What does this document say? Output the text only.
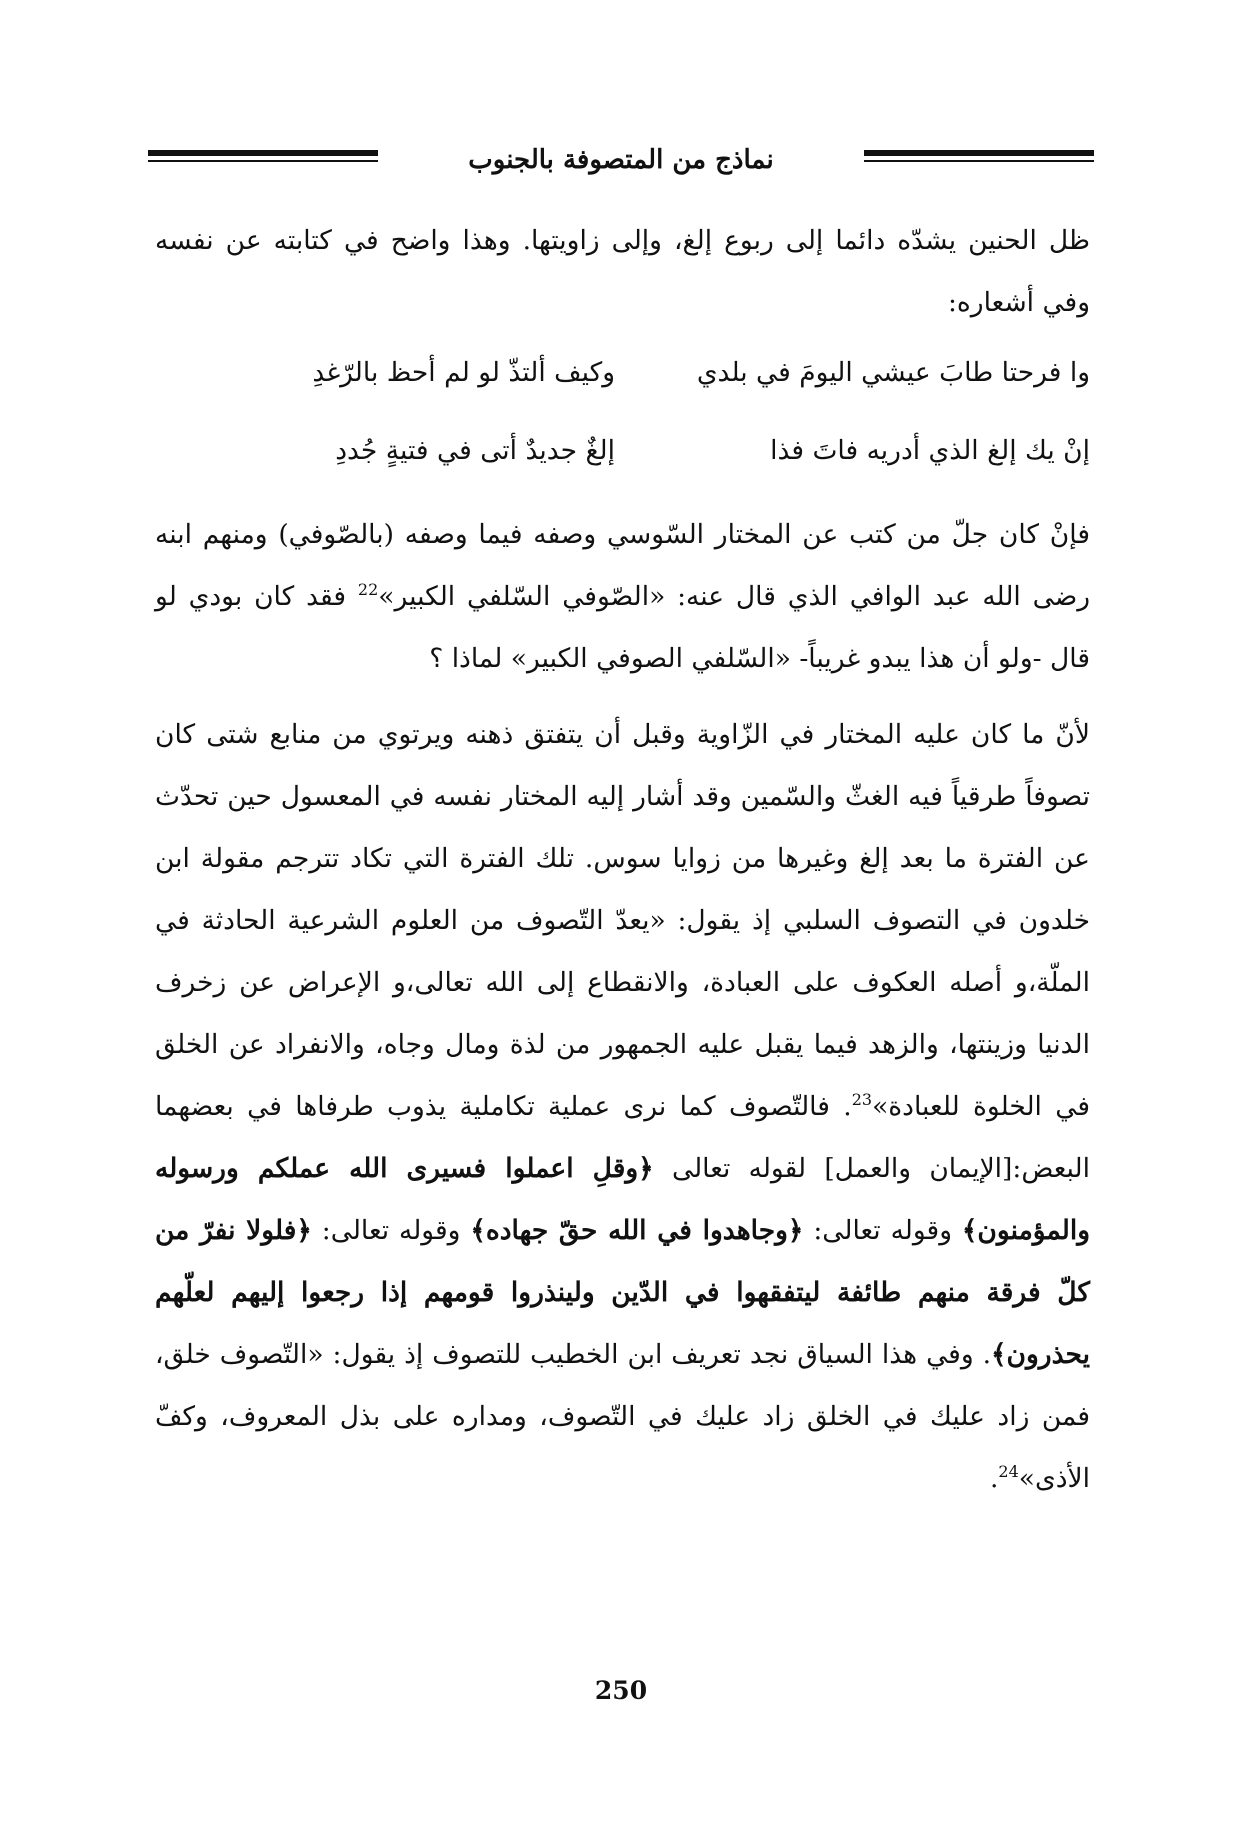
نماذج من المتصوفة بالجنوب

ظل الحنين يشدّه دائما إلى ربوع إلغ، وإلى زاويتها. وهذا واضح في كتابته عن نفسه وفي أشعاره:

وا فرحتا طابَ عيشي اليومَ في بلدي
وكيف ألتذّ لو لم أحظ بالرّغدِ
إنْ يك إلغ الذي أدريه فاتَ فذا
إلغٌ جديدٌ أتى في فتيةٍ جُددِ

فإنْ كان جلّ من كتب عن المختار السّوسي وصفه فيما وصفه (بالصّوفي) ومنهم ابنه رضى الله عبد الوافي الذي قال عنه: «الصّوفي السّلفي الكبير»$^{22}$ فقد كان بودي لو قال -ولو أن هذا يبدو غريباً- «السّلفي الصوفي الكبير» لماذا ؟

لأنّ ما كان عليه المختار في الزّاوية وقبل أن يتفتق ذهنه ويرتوي من منابع شتى كان تصوفاً طرقياً فيه الغثّ والسّمين وقد أشار إليه المختار نفسه في المعسول حين تحدّث عن الفترة ما بعد إلغ وغيرها من زوايا سوس. تلك الفترة التي تكاد تترجم مقولة ابن خلدون في التصوف السلبي إذ يقول: «يعدّ التّصوف من العلوم الشرعية الحادثة في الملّة،و أصله العكوف على العبادة، والانقطاع إلى الله تعالى،و الإعراض عن زخرف الدنيا وزينتها، والزهد فيما يقبل عليه الجمهور من لذة ومال وجاه، والانفراد عن الخلق في الخلوة للعبادة»$^{23}$. فالتّصوف كما نرى عملية تكاملية يذوب طرفاها في بعضهما البعض:[الإيمان والعمل] لقوله تعالى ﴿وقلِ اعملوا فسيرى الله عملكم ورسوله والمؤمنون﴾ وقوله تعالى: ﴿وجاهدوا في الله حقّ جهاده﴾ وقوله تعالى: ﴿فلولا نفرّ من كلّ فرقة منهم طائفة ليتفقهوا في الدّين ولينذروا قومهم إذا رجعوا إليهم لعلّهم يحذرون﴾. وفي هذا السياق نجد تعريف ابن الخطيب للتصوف إذ يقول: «التّصوف خلق، فمن زاد عليك في الخلق زاد عليك في التّصوف، ومداره على بذل المعروف، وكفّ الأذى»$^{24}$.

250
